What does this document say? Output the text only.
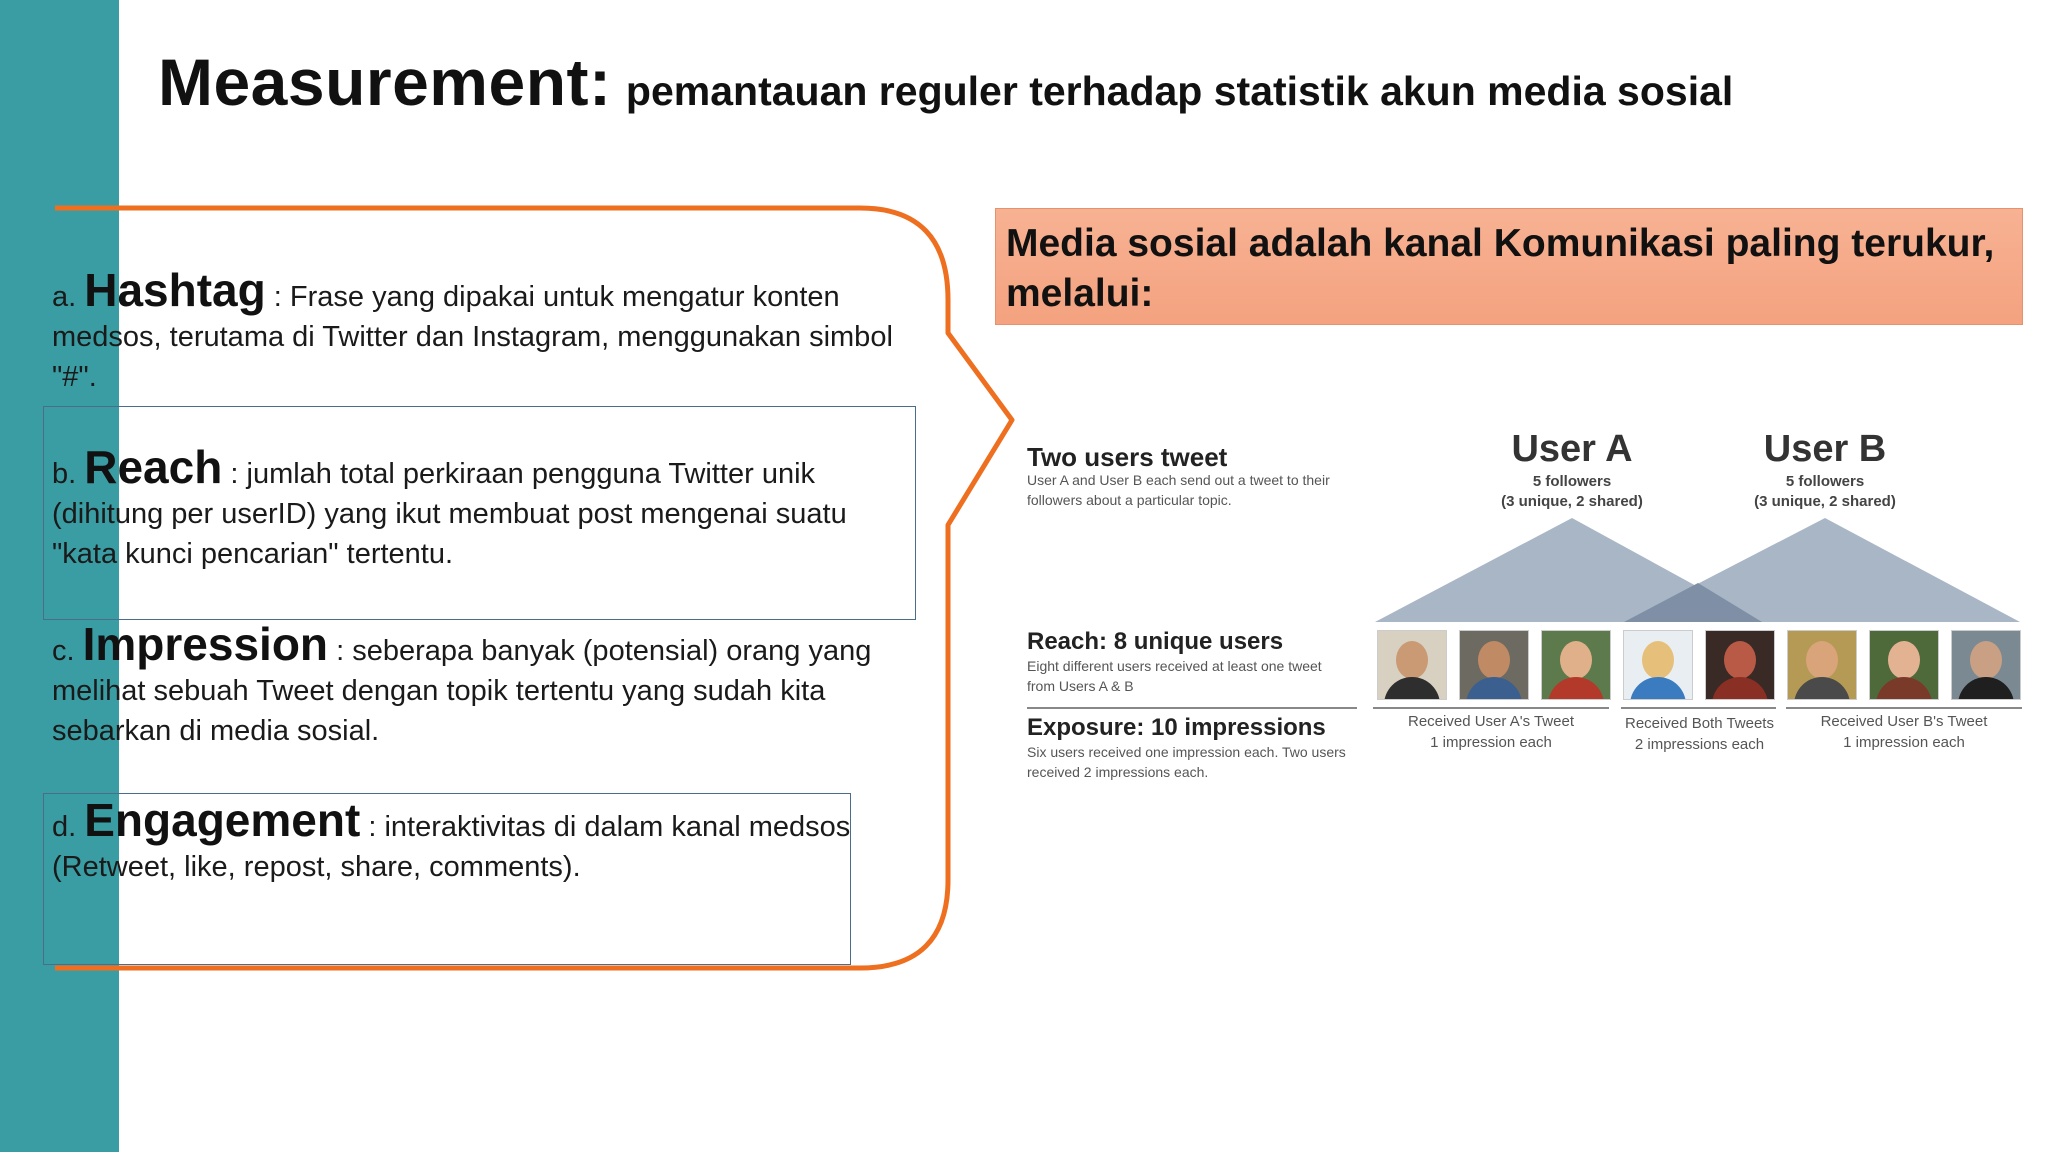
Measurement: pemantauan reguler terhadap statistik akun media sosial
a. Hashtag : Frase yang dipakai untuk mengatur konten medsos, terutama di Twitter dan Instagram, menggunakan simbol "#".
b. Reach : jumlah total perkiraan pengguna Twitter unik (dihitung per userID) yang ikut membuat post mengenai suatu "kata kunci pencarian" tertentu.
c. Impression : seberapa banyak (potensial) orang yang melihat sebuah Tweet dengan topik tertentu yang sudah kita sebarkan di media sosial.
d. Engagement : interaktivitas di dalam kanal medsos (Retweet, like, repost, share, comments).
Media sosial adalah kanal Komunikasi paling terukur, melalui:
Two users tweet
User A and User B each send out a tweet to their followers about a particular topic.
User A
5 followers
(3 unique, 2 shared)
User B
5 followers
(3 unique, 2 shared)
Reach: 8 unique users
Eight different users received at least one tweet from Users A & B
Exposure: 10 impressions
Six users received one impression each. Two users received 2 impressions each.
Received User A's Tweet
1 impression each
Received Both Tweets
2 impressions each
Received User B's Tweet
1 impression each
